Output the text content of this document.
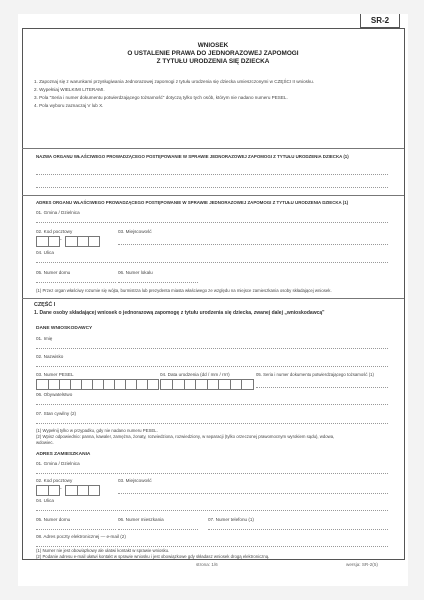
SR-2
WNIOSEK
O USTALENIE PRAWA DO JEDNORAZOWEJ ZAPOMOGI
Z TYTUŁU URODZENIA SIĘ DZIECKA
1. Zapoznaj się z warunkami przysługiwania Jednorazowej zapomogi z tytułu urodzenia się dziecka umieszczonymi w CZĘŚCI II wniosku.
2. Wypełniaj WIELKIMI LITERAMI.
3. Pola "Seria i numer dokumentu potwierdzającego tożsamość" dotyczą tylko tych osób, którym nie nadano numeru PESEL.
4. Pola wyboru zaznaczaj V lub X.
NAZWA ORGANU WŁAŚCIWEGO PROWADZĄCEGO POSTĘPOWANIE W SPRAWIE JEDNORAZOWEJ ZAPOMOGI Z TYTUŁU URODZENIA DZIECKA (1)
ADRES ORGANU WŁAŚCIWEGO PROWADZĄCEGO POSTĘPOWANIE W SPRAWIE JEDNORAZOWEJ ZAPOMOGI Z TYTUŁU URODZENIA DZIECKA (1)
01. Gmina / Dzielnica
02. Kod pocztowy
-
03. Miejscowość
04. Ulica
05. Numer domu	06. Numer lokalu
(1) Przez organ właściwy rozumie się wójta, burmistrza lub prezydenta miasta właściwego ze względu na miejsce zamieszkania osoby składającej wniosek.
CZĘŚĆ I
1. Dane osoby składającej wniosek o jednorazową zapomogę z tytułu urodzenia się dziecka, zwanej dalej „wnioskodawcą"
DANE WNIOSKODAWCY
01. Imię
02. Nazwisko
03. Numer PESEL	04. Data urodzenia (dd / mm / rrrr)	05. Seria i numer dokumentu potwierdzającego tożsamość (1)
06. Obywatelstwo
07. Stan cywilny (2)
(1) Wypełnij tylko w przypadku, gdy nie nadano numeru PESEL.
(2) Wpisz odpowiednio: panna, kawaler, zamężna, żonaty, rozwiedziona, rozwiedziony, w separacji (tylko orzeczonej prawomocnym wyrokiem sądu), wdowa,
wdowiec.
ADRES ZAMIESZKANIA
01. Gmina / Dzielnica
02. Kod pocztowy
-
03. Miejscowość
04. Ulica
05. Numer domu	06. Numer mieszkania	07. Numer telefonu (1)
08. Adres poczty elektronicznej — e-mail (2)
(1) Numer nie jest obowiązkowy ale ułatwi kontakt w sprawie wniosku.
(2) Podanie adresu e-mail ułatwi kontakt w sprawie wniosku i jest obowiązkowe gdy składasz wniosek drogą elektroniczną.
strona: 1/6	wersja: SR-2(5)
